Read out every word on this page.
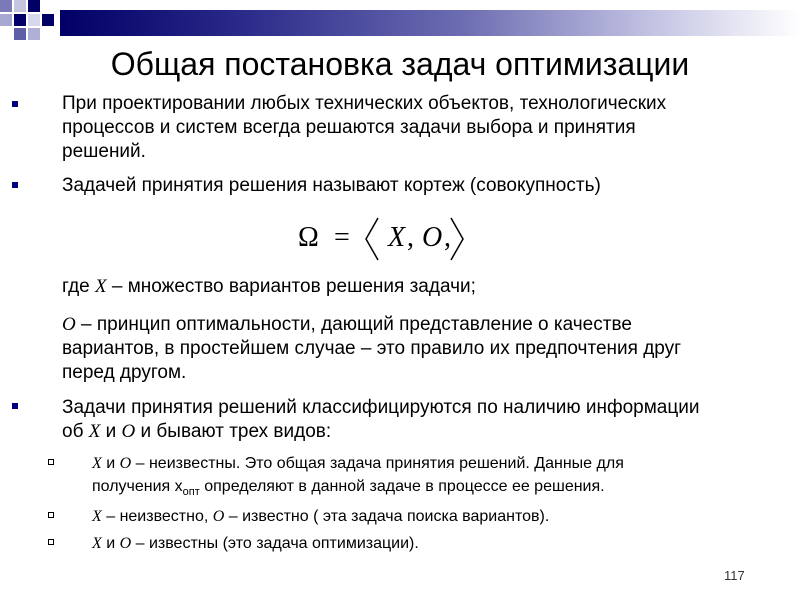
Общая постановка задач оптимизации
При проектировании любых технических объектов, технологических
процессов и систем всегда решаются задачи выбора и принятия
решений.
Задачей принятия решения называют кортеж (совокупность)
Ω = X , O ,
где X – множество вариантов решения задачи;
O – принцип оптимальности, дающий представление о качестве
вариантов, в простейшем случае – это правило их предпочтения друг
перед другом.
Задачи принятия решений классифицируются по наличию информации
об X и O и бывают трех видов:
X и O – неизвестны. Это общая задача принятия решений. Данные для
получения $x_{опт}$ определяют в данной задаче в процессе ее решения.
X – неизвестно, O – известно ( эта задача поиска вариантов).
X и O – известны (это задача оптимизации).
117
